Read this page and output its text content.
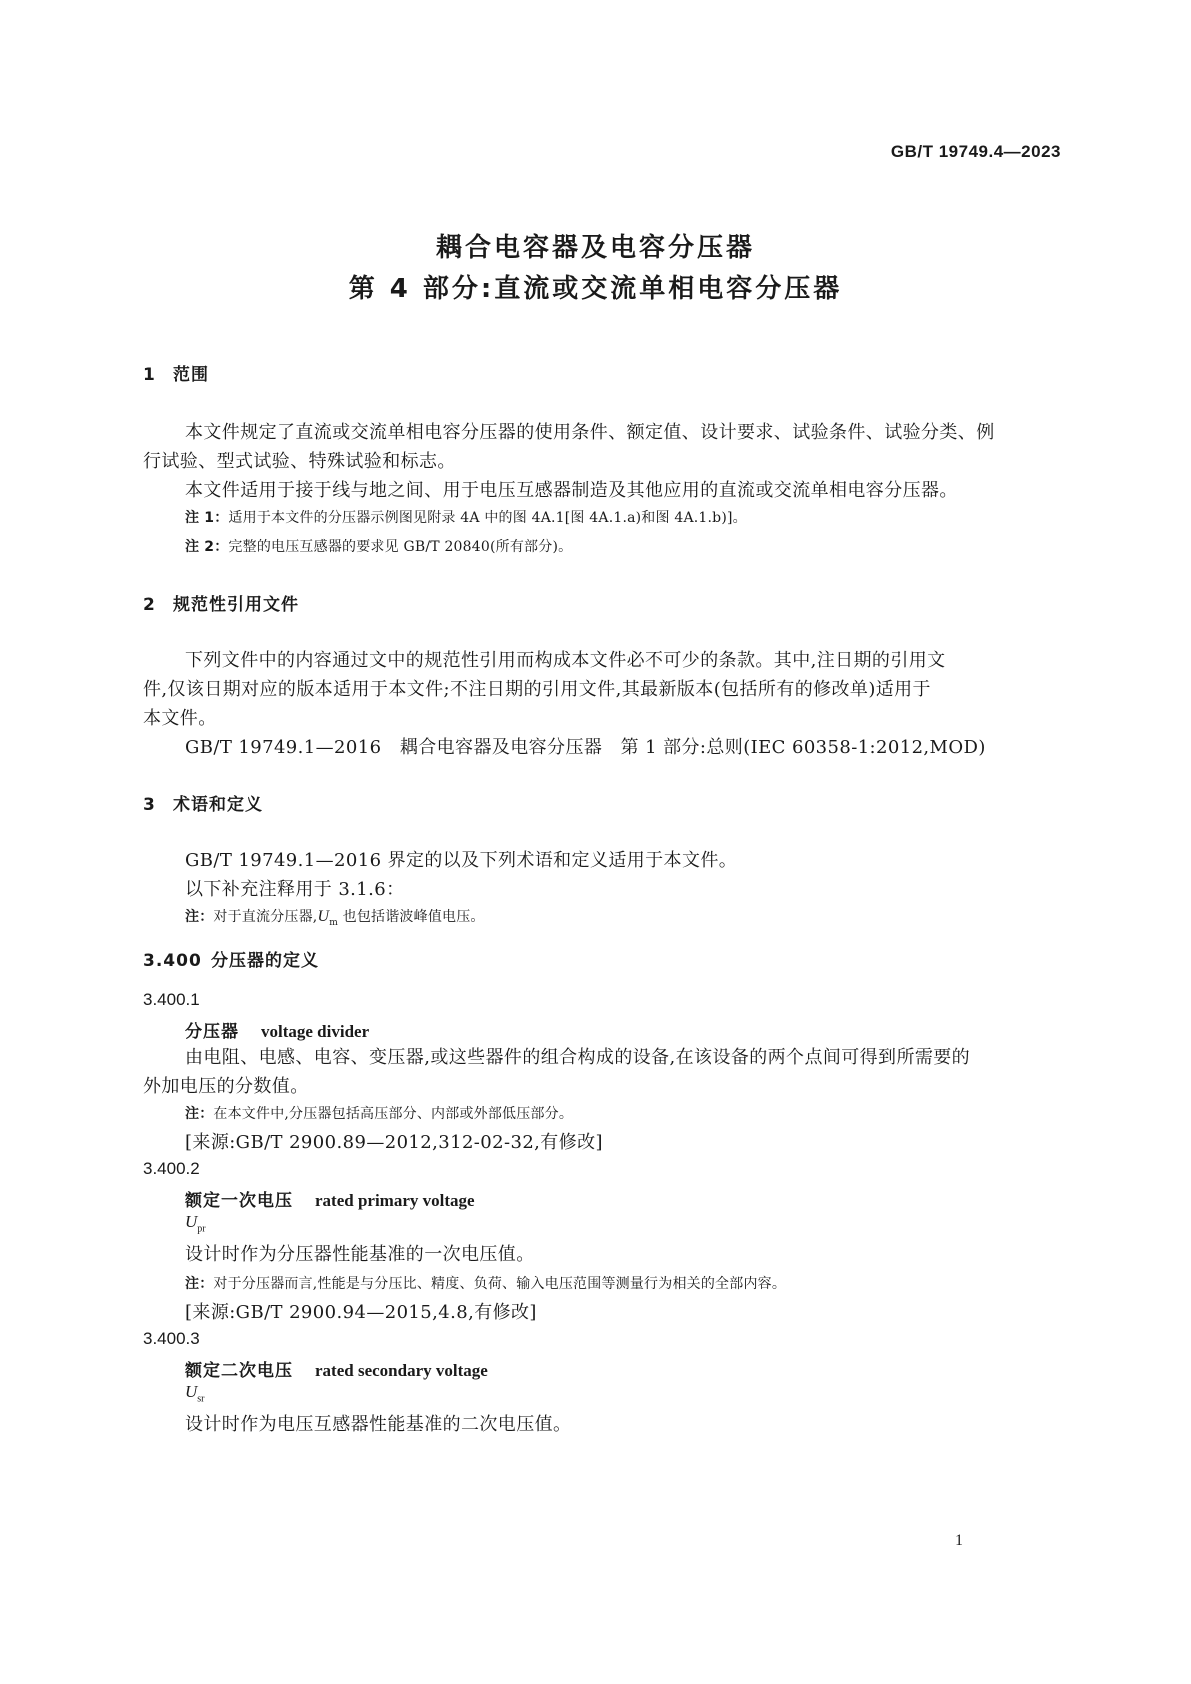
GB/T 19749.4—2023
耦合电容器及电容分压器
第 4 部分:直流或交流单相电容分压器
1 范围
本文件规定了直流或交流单相电容分压器的使用条件、额定值、设计要求、试验条件、试验分类、例
行试验、型式试验、特殊试验和标志。
本文件适用于接于线与地之间、用于电压互感器制造及其他应用的直流或交流单相电容分压器。
注 1：适用于本文件的分压器示例图见附录 4A 中的图 4A.1[图 4A.1.a)和图 4A.1.b)]。
注 2：完整的电压互感器的要求见 GB/T 20840(所有部分)。
2 规范性引用文件
下列文件中的内容通过文中的规范性引用而构成本文件必不可少的条款。其中,注日期的引用文
件,仅该日期对应的版本适用于本文件;不注日期的引用文件,其最新版本(包括所有的修改单)适用于
本文件。
GB/T 19749.1—2016　耦合电容器及电容分压器　第 1 部分:总则(IEC 60358-1:2012,MOD)
3 术语和定义
GB/T 19749.1—2016 界定的以及下列术语和定义适用于本文件。
以下补充注释用于 3.1.6：
注：对于直流分压器$,U_m$ 也包括谐波峰值电压。
3.400 分压器的定义
3.400.1
分压器 voltage divider
由电阻、电感、电容、变压器,或这些器件的组合构成的设备,在该设备的两个点间可得到所需要的
外加电压的分数值。
注：在本文件中,分压器包括高压部分、内部或外部低压部分。
[来源:GB/T 2900.89—2012,312-02-32,有修改]
3.400.2
额定一次电压 rated primary voltage
$U_{pr}$
设计时作为分压器性能基准的一次电压值。
注：对于分压器而言,性能是与分压比、精度、负荷、输入电压范围等测量行为相关的全部内容。
[来源:GB/T 2900.94—2015,4.8,有修改]
3.400.3
额定二次电压 rated secondary voltage
$U_{sr}$
设计时作为电压互感器性能基准的二次电压值。
1
